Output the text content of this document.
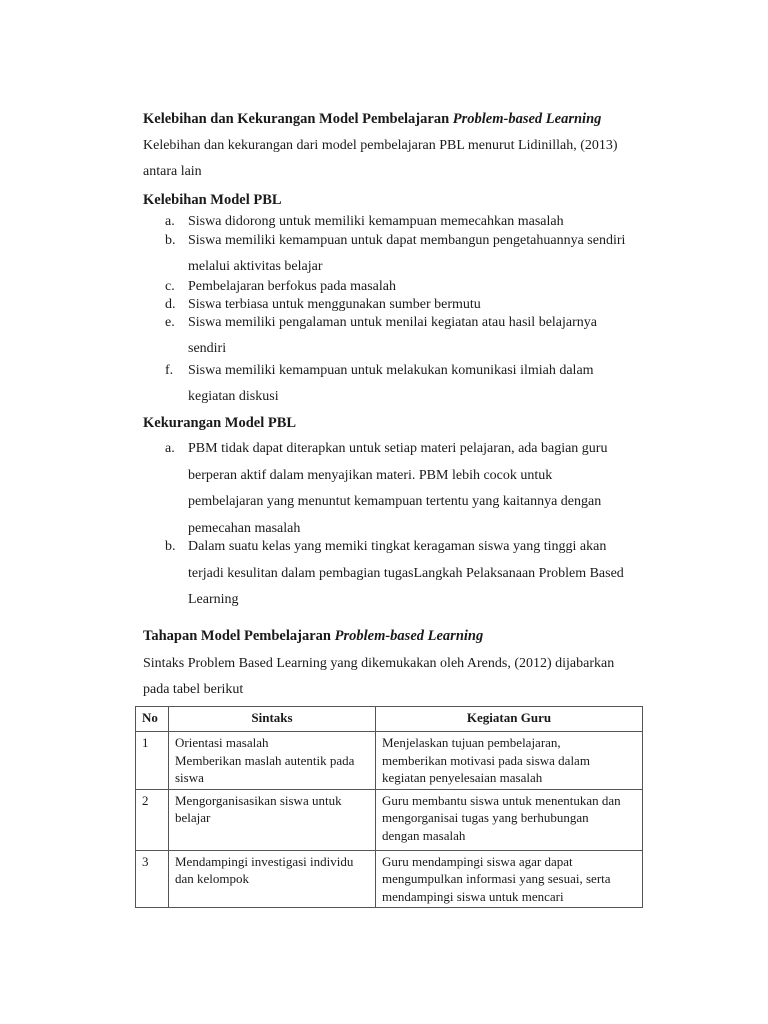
Kelebihan dan Kekurangan Model Pembelajaran Problem-based Learning
Kelebihan dan kekurangan dari model pembelajaran PBL menurut Lidinillah, (2013)
antara lain
Kelebihan Model PBL
a. Siswa didorong untuk memiliki kemampuan memecahkan masalah
b. Siswa memiliki kemampuan untuk dapat membangun pengetahuannya sendiri
melalui aktivitas belajar
c. Pembelajaran berfokus pada masalah
d. Siswa terbiasa untuk menggunakan sumber bermutu
e. Siswa memiliki pengalaman untuk menilai kegiatan atau hasil belajarnya
sendiri
f. Siswa memiliki kemampuan untuk melakukan komunikasi ilmiah dalam
kegiatan diskusi
Kekurangan Model PBL
a. PBM tidak dapat diterapkan untuk setiap materi pelajaran, ada bagian guru
berperan aktif dalam menyajikan materi. PBM lebih cocok untuk
pembelajaran yang menuntut kemampuan tertentu yang kaitannya dengan
pemecahan masalah
b. Dalam suatu kelas yang memiki tingkat keragaman siswa yang tinggi akan
terjadi kesulitan dalam pembagian tugasLangkah Pelaksanaan Problem Based
Learning
Tahapan Model Pembelajaran Problem-based Learning
Sintaks Problem Based Learning yang dikemukakan oleh Arends, (2012) dijabarkan
pada tabel berikut
No	Sintaks	Kegiatan Guru
1	Orientasi masalah
Memberikan maslah autentik pada
siswa	Menjelaskan tujuan pembelajaran,
memberikan motivasi pada siswa dalam
kegiatan penyelesaian masalah

2	Mengorganisasikan siswa untuk
belajar	Guru membantu siswa untuk menentukan dan
mengorganisai tugas yang berhubungan
dengan masalah

3	Mendampingi investigasi individu
dan kelompok	Guru mendampingi siswa agar dapat
mengumpulkan informasi yang sesuai, serta
mendampingi siswa untuk mencari
